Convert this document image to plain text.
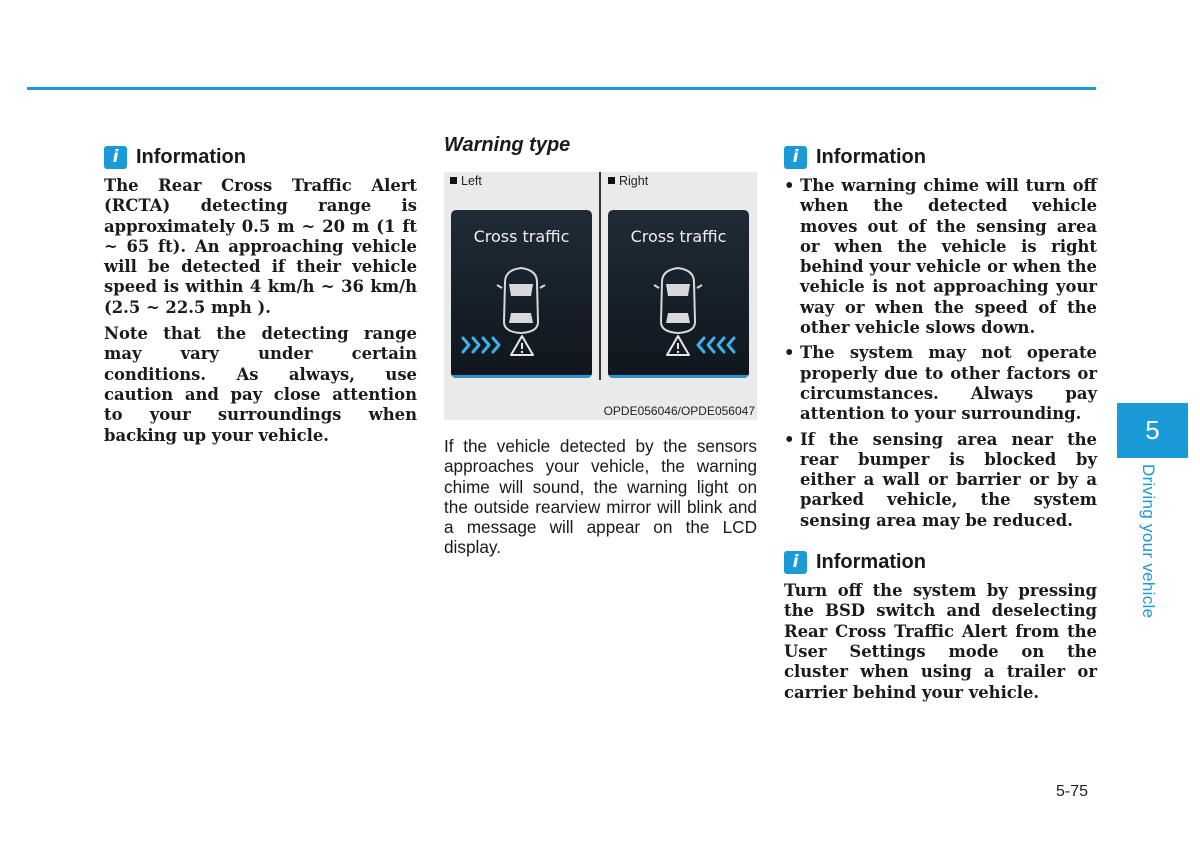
i Information

The Rear Cross Traffic Alert (RCTA) detecting range is approximately 0.5 m ~ 20 m (1 ft ~ 65 ft). An approaching vehicle will be detected if their vehicle speed is within 4 km/h ~ 36 km/h (2.5 ~ 22.5 mph ).

Note that the detecting range may vary under certain conditions. As always, use caution and pay close attention to your surroundings when backing up your vehicle.

Warning type
Left	Right
Cross traffic	Cross traffic
OPDE056046/OPDE056047

If the vehicle detected by the sensors approaches your vehicle, the warning chime will sound, the warning light on the outside rearview mirror will blink and a message will appear on the LCD display.

i Information
• The warning chime will turn off when the detected vehicle moves out of the sensing area or when the vehicle is right behind your vehicle or when the vehicle is not approaching your way or when the speed of the other vehicle slows down.
• The system may not operate properly due to other factors or circumstances. Always pay attention to your surrounding.
• If the sensing area near the rear bumper is blocked by either a wall or barrier or by a parked vehicle, the system sensing area may be reduced.
i Information

Turn off the system by pressing the BSD switch and deselecting Rear Cross Traffic Alert from the User Settings mode on the cluster when using a trailer or carrier behind your vehicle.

5
Driving your vehicle
5-75
